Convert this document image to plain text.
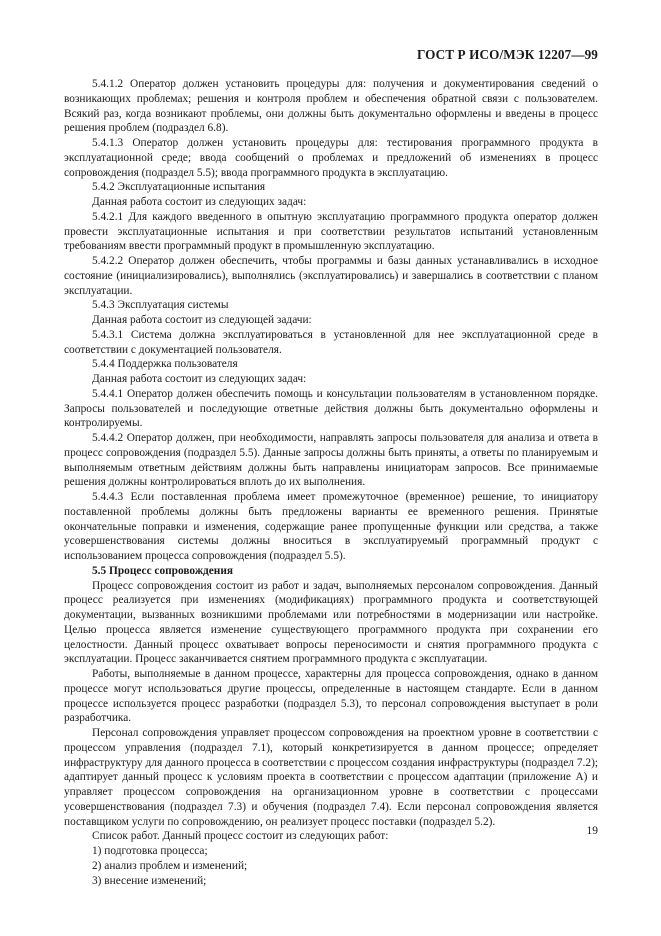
ГОСТ Р ИСО/МЭК 12207—99

5.4.1.2 Оператор должен установить процедуры для: получения и документирования сведений о возникающих проблемах; решения и контроля проблем и обеспечения обратной связи с пользователем. Всякий раз, когда возникают проблемы, они должны быть документально оформлены и введены в процесс решения проблем (подраздел 6.8).

5.4.1.3 Оператор должен установить процедуры для: тестирования программного продукта в эксплуатационной среде; ввода сообщений о проблемах и предложений об изменениях в процесс сопровождения (подраздел 5.5); ввода программного продукта в эксплуатацию.

5.4.2 Эксплуатационные испытания

Данная работа состоит из следующих задач:

5.4.2.1 Для каждого введенного в опытную эксплуатацию программного продукта оператор должен провести эксплуатационные испытания и при соответствии результатов испытаний установленным требованиям ввести программный продукт в промышленную эксплуатацию.

5.4.2.2 Оператор должен обеспечить, чтобы программы и базы данных устанавливались в исходное состояние (инициализировались), выполнялись (эксплуатировались) и завершались в соответствии с планом эксплуатации.

5.4.3 Эксплуатация системы

Данная работа состоит из следующей задачи:

5.4.3.1 Система должна эксплуатироваться в установленной для нее эксплуатационной среде в соответствии с документацией пользователя.

5.4.4 Поддержка пользователя

Данная работа состоит из следующих задач:

5.4.4.1 Оператор должен обеспечить помощь и консультации пользователям в установленном порядке. Запросы пользователей и последующие ответные действия должны быть документально оформлены и контролируемы.

5.4.4.2 Оператор должен, при необходимости, направлять запросы пользователя для анализа и ответа в процесс сопровождения (подраздел 5.5). Данные запросы должны быть приняты, а ответы по планируемым и выполняемым ответным действиям должны быть направлены инициаторам запросов. Все принимаемые решения должны контролироваться вплоть до их выполнения.

5.4.4.3 Если поставленная проблема имеет промежуточное (временное) решение, то инициатору поставленной проблемы должны быть предложены варианты ее временного решения. Принятые окончательные поправки и изменения, содержащие ранее пропущенные функции или средства, а также усовершенствования системы должны вноситься в эксплуатируемый программный продукт с использованием процесса сопровождения (подраздел 5.5).

5.5 Процесс сопровождения

Процесс сопровождения состоит из работ и задач, выполняемых персоналом сопровождения. Данный процесс реализуется при изменениях (модификациях) программного продукта и соответствующей документации, вызванных возникшими проблемами или потребностями в модернизации или настройке. Целью процесса является изменение существующего программного продукта при сохранении его целостности. Данный процесс охватывает вопросы переносимости и снятия программного продукта с эксплуатации. Процесс заканчивается снятием программного продукта с эксплуатации.

Работы, выполняемые в данном процессе, характерны для процесса сопровождения, однако в данном процессе могут использоваться другие процессы, определенные в настоящем стандарте. Если в данном процессе используется процесс разработки (подраздел 5.3), то персонал сопровождения выступает в роли разработчика.

Персонал сопровождения управляет процессом сопровождения на проектном уровне в соответствии с процессом управления (подраздел 7.1), который конкретизируется в данном процессе; определяет инфраструктуру для данного процесса в соответствии с процессом создания инфраструктуры (подраздел 7.2); адаптирует данный процесс к условиям проекта в соответствии с процессом адаптации (приложение А) и управляет процессом сопровождения на организационном уровне в соответствии с процессами усовершенствования (подраздел 7.3) и обучения (подраздел 7.4). Если персонал сопровождения является поставщиком услуги по сопровождению, он реализует процесс поставки (подраздел 5.2).

Список работ. Данный процесс состоит из следующих работ:

1) подготовка процесса;

2) анализ проблем и изменений;

3) внесение изменений;

19
